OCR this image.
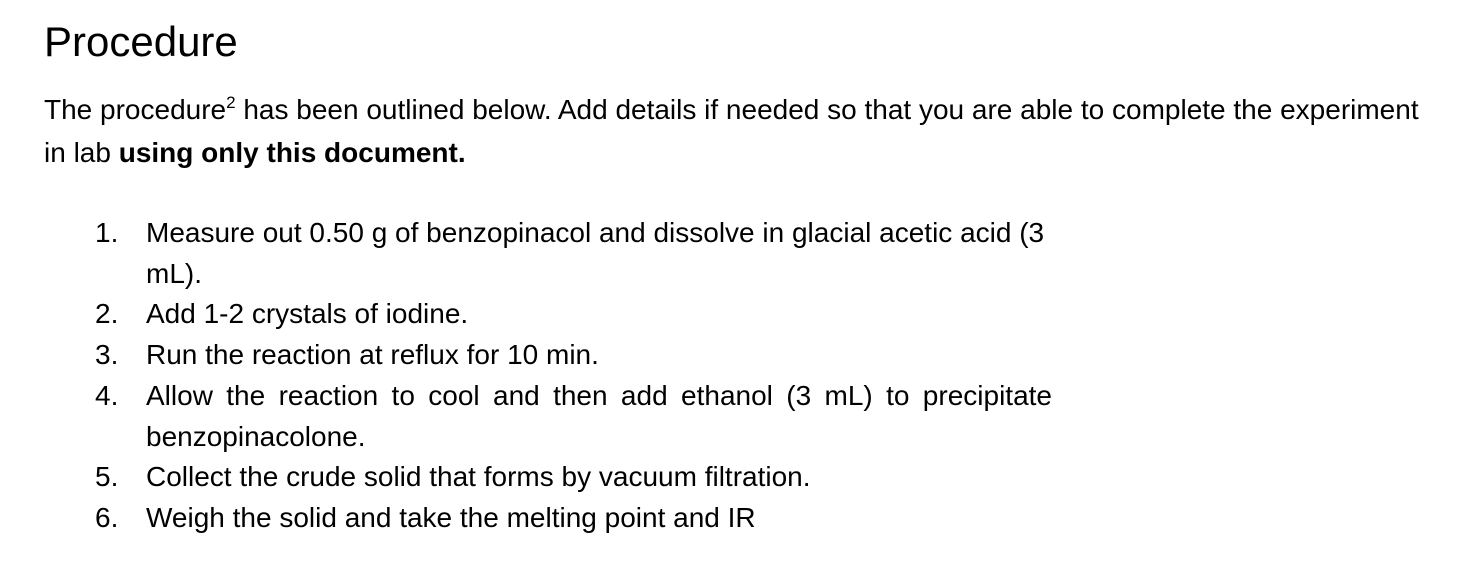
Procedure

The procedure$^2$ has been outlined below. Add details if needed so that you are able to complete the experiment in lab using only this document.

1. Measure out 0.50 g of benzopinacol and dissolve in glacial acetic acid (3 mL).
2. Add 1-2 crystals of iodine.
3. Run the reaction at reflux for 10 min.
4. Allow the reaction to cool and then add ethanol (3 mL) to precipitate benzopinacolone.
5. Collect the crude solid that forms by vacuum filtration.
6. Weigh the solid and take the melting point and IR
